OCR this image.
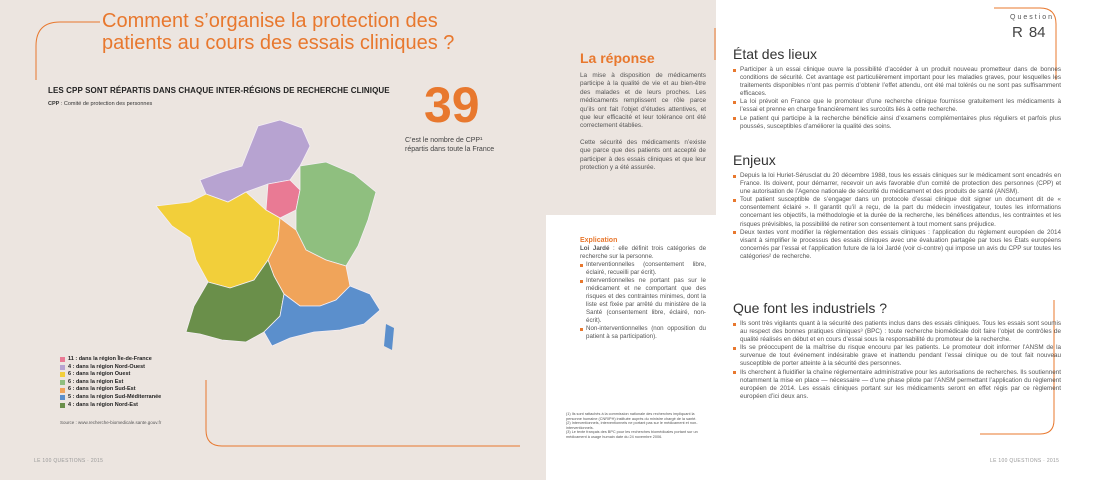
Comment s’organise la protection des
patients au cours des essais cliniques ?
LES CPP SONT RÉPARTIS DANS CHAQUE INTER-RÉGIONS DE RECHERCHE CLINIQUE
CPP : Comité de protection des personnes	39
C’est le nombre de CPP¹
répartis dans toute la France
11 : dans la région Île-de-France
4 : dans la région Nord-Ouest
6 : dans la région Ouest
6 : dans la région Est
6 : dans la région Sud-Est
5 : dans la région Sud-Méditerranée
4 : dans la région Nord-Est
Source : www.recherche-biomedicale.sante.gouv.fr
LE 100 QUESTIONS · 2015	LE 100 QUESTIONS · 2015
La réponse

La mise à disposition de médicaments participe à la qualité de vie et au bien-être des malades et de leurs proches. Les médicaments remplissent ce rôle parce qu’ils ont fait l’objet d’études attentives, et que leur efficacité et leur tolérance ont été correctement établies.

Cette sécurité des médicaments n’existe que parce que des patients ont accepté de participer à des essais cliniques et que leur protection y a été assurée.

Explication
Loi Jardé : elle définit trois catégories de recherche sur la personne.
Interventionnelles (consentement libre, éclairé, recueilli par écrit).
Interventionnelles ne portant pas sur le médicament et ne comportant que des risques et des contraintes minimes, dont la liste est fixée par arrêté du ministère de la Santé (consentement libre, éclairé, non-écrit).
Non-interventionnelles (non opposition du patient à sa participation).
(1) Ils sont rattachés à la commission nationale des recherches impliquant la personne humaine (CNRIPH) instituée auprès du ministre chargé de la santé.
(2) Interventionnels, interventionnels ne portant pas sur le médicament et non-interventionnels.
(3) Le texte français des BPC pour les recherches biomédicales portant sur un médicament à usage humain date du 24 novembre 2006.
Question
R 84
État des lieux
Participer à un essai clinique ouvre la possibilité d’accéder à un produit nouveau prometteur dans de bonnes conditions de sécurité. Cet avantage est particulièrement important pour les maladies graves, pour lesquelles les traitements disponibles n’ont pas permis d’obtenir l’effet attendu, ont été mal tolérés ou ne sont pas suffisamment efficaces.
La loi prévoit en France que le promoteur d’une recherche clinique fournisse gratuitement les médicaments à l’essai et prenne en charge financièrement les surcoûts liés à cette recherche.
Le patient qui participe à la recherche bénéficie ainsi d’examens complémentaires plus réguliers et parfois plus poussés, susceptibles d’améliorer la qualité des soins.
Enjeux
Depuis la loi Huriet-Sérusclat du 20 décembre 1988, tous les essais cliniques sur le médicament sont encadrés en France. Ils doivent, pour démarrer, recevoir un avis favorable d’un comité de protection des personnes (CPP) et une autorisation de l’Agence nationale de sécurité du médicament et des produits de santé (ANSM).
Tout patient susceptible de s’engager dans un protocole d’essai clinique doit signer un document dit de « consentement éclairé ». Il garantit qu’il a reçu, de la part du médecin investigateur, toutes les informations concernant les objectifs, la méthodologie et la durée de la recherche, les bénéfices attendus, les contraintes et les risques prévisibles, la possibilité de retirer son consentement à tout moment sans préjudice.
Deux textes vont modifier la réglementation des essais cliniques : l’application du règlement européen de 2014 visant à simplifier le processus des essais cliniques avec une évaluation partagée par tous les États européens concernés par l’essai et l’application future de la loi Jardé (voir ci-contre) qui impose un avis du CPP sur toutes les catégories² de recherche.
Que font les industriels ?
Ils sont très vigilants quant à la sécurité des patients inclus dans des essais cliniques. Tous les essais sont soumis au respect des bonnes pratiques cliniques³ (BPC) : toute recherche biomédicale doit faire l’objet de contrôles de qualité réalisés en début et en cours d’essai sous la responsabilité du promoteur de la recherche.
Ils se préoccupent de la maîtrise du risque encouru par les patients. Le promoteur doit informer l’ANSM de la survenue de tout événement indésirable grave et inattendu pendant l’essai clinique ou de tout fait nouveau susceptible de porter atteinte à la sécurité des personnes.
Ils cherchent à fluidifier la chaîne réglementaire administrative pour les autorisations de recherches. Ils soutiennent notamment la mise en place — nécessaire — d’une phase pilote par l’ANSM permettant l’application du règlement européen de 2014. Les essais cliniques portant sur les médicaments seront en effet régis par ce règlement européen d’ici deux ans.
